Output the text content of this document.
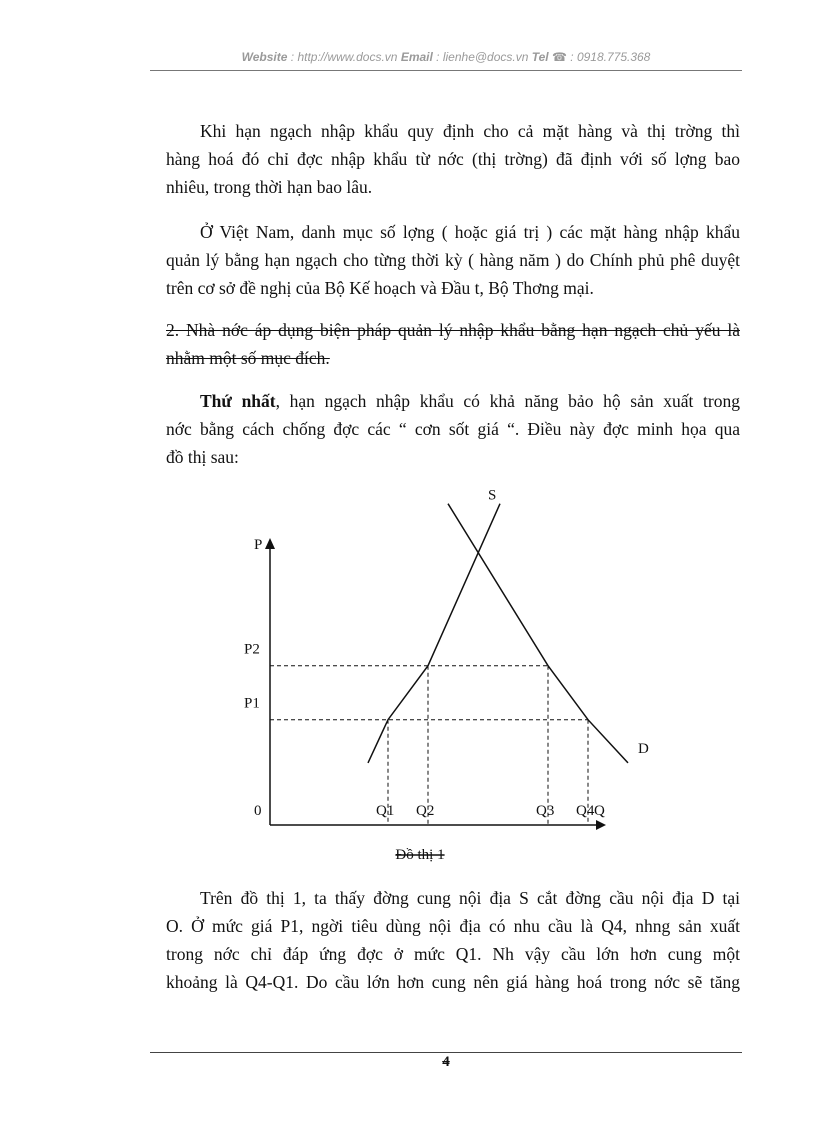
Website : http://www.docs.vn Email : lienhe@docs.vn Tel ☎ : 0918.775.368
Khi hạn ngạch nhập khẩu quy định cho cả mặt hàng và thị trờng thì
hàng hoá đó chỉ đợc nhập khẩu từ nớc (thị trờng) đã định với số lợng bao
nhiêu, trong thời hạn bao lâu.
Ở Việt Nam, danh mục số lợng ( hoặc giá trị ) các mặt hàng nhập khẩu
quản lý bằng hạn ngạch cho từng thời kỳ ( hàng năm ) do Chính phủ phê duyệt
trên cơ sở đề nghị của Bộ Kế hoạch và Đầu t, Bộ Thơng mại.
2. Nhà nớc áp dụng biện pháp quản lý nhập khẩu bằng hạn ngạch chủ yếu là
nhằm một số mục đích.
Thứ nhất, hạn ngạch nhập khẩu có khả năng bảo hộ sản xuất trong
nớc bằng cách chống đợc các “ cơn sốt giá “. Điều này đợc minh họa qua
đồ thị sau:
P
Q
0
P2
P1
Q1 Q2	Q3 Q4
S
D
Đồ thị 1
Trên đồ thị 1, ta thấy đờng cung nội địa S cắt đờng cầu nội địa D tại
O. Ở mức giá P1, ngời tiêu dùng nội địa có nhu cầu là Q4, nhng sản xuất
trong nớc chỉ đáp ứng đợc ở mức Q1. Nh vậy cầu lớn hơn cung một
khoảng là Q4-Q1. Do cầu lớn hơn cung nên giá hàng hoá trong nớc sẽ tăng
4
